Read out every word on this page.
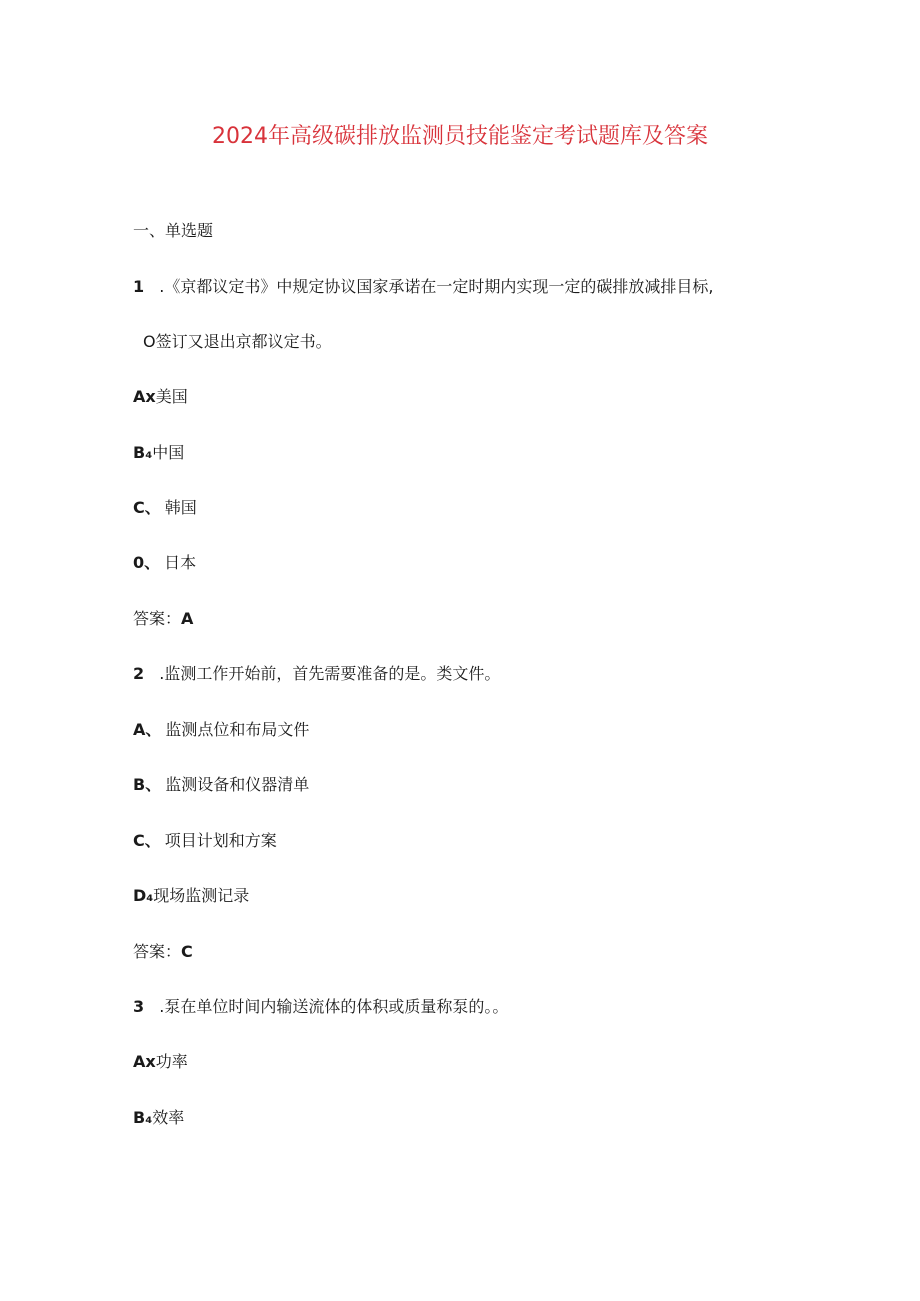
2024年高级碳排放监测员技能鉴定考试题库及答案
一、单选题
1 .《京都议定书》中规定协议国家承诺在一定时期内实现一定的碳排放减排目标,
O签订又退出京都议定书。
Ax美国
B₄中国
C、 韩国
0、 日本
答案：A
2 .监测工作开始前，首先需要准备的是。类文件。
A、 监测点位和布局文件
B、 监测设备和仪器清单
C、 项目计划和方案
D₄现场监测记录
答案：C
3 .泵在单位时间内输送流体的体积或质量称泵的。。
Ax功率
B₄效率
